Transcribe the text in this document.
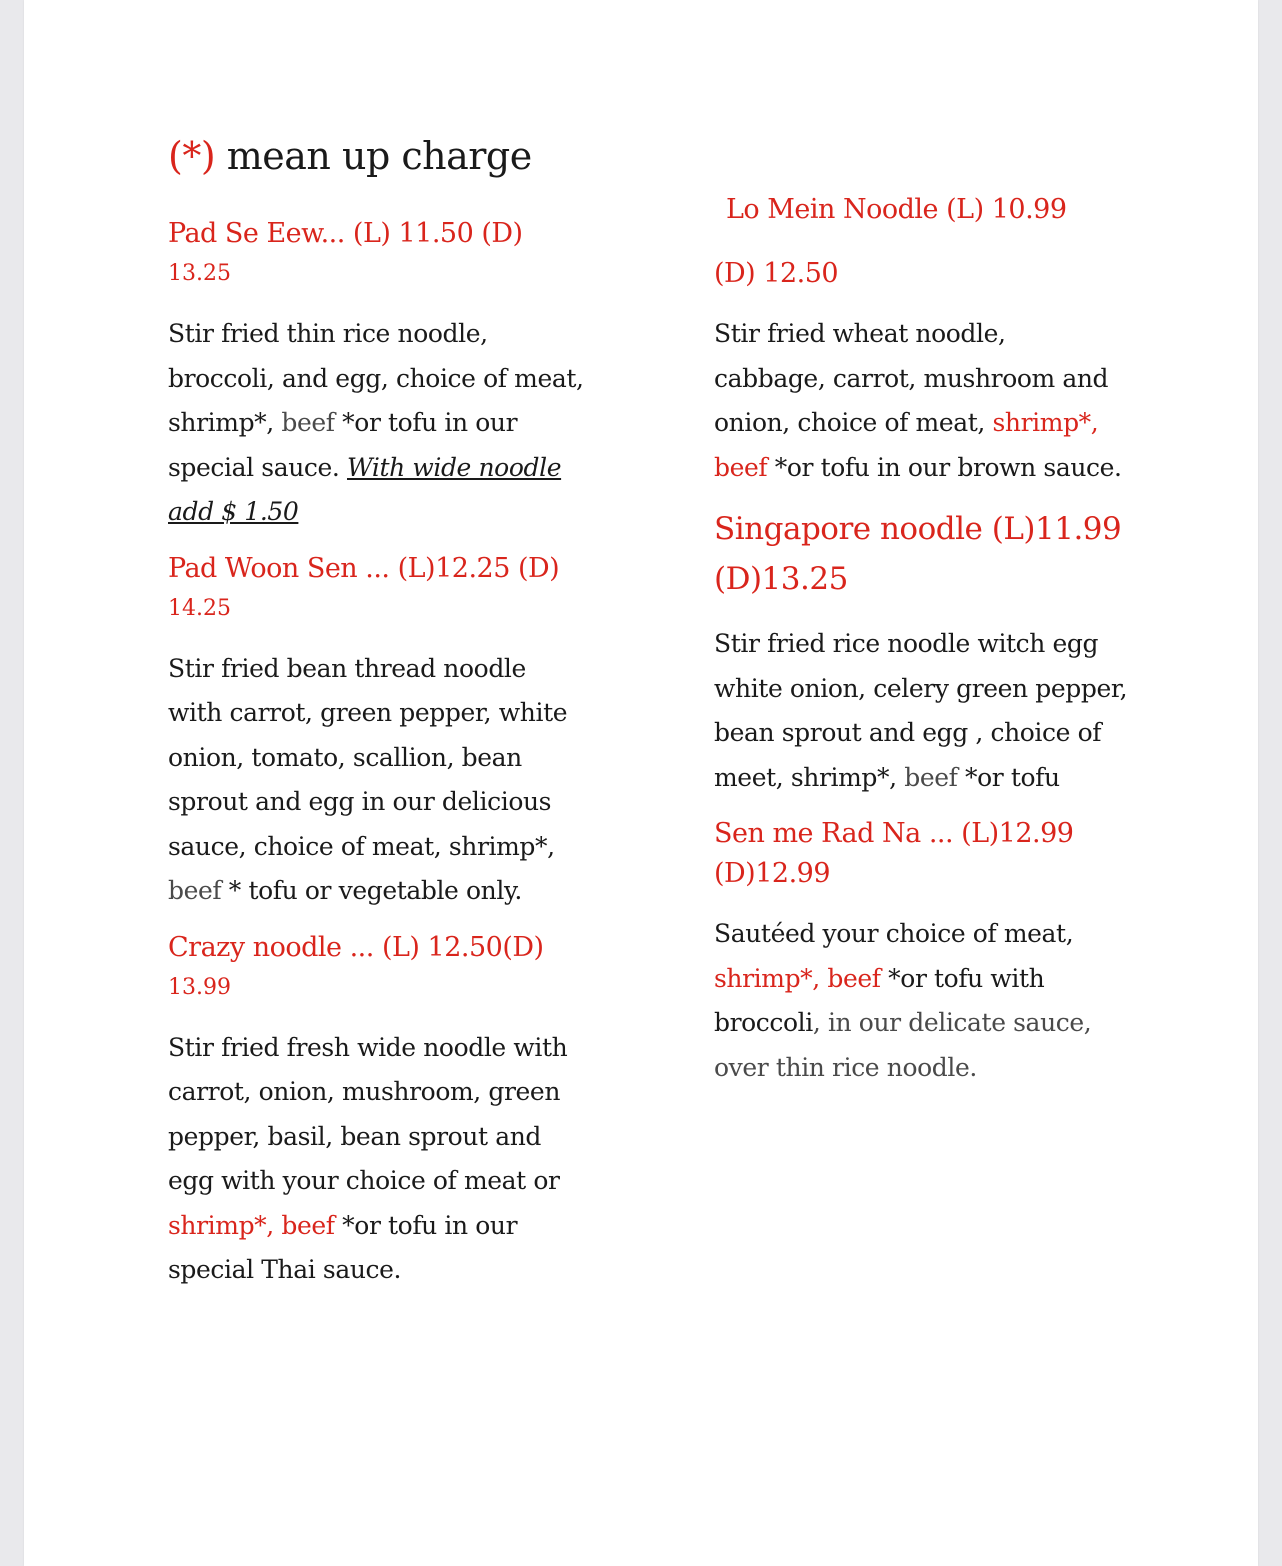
(*) mean up charge
Pad Se Eew... (L) 11.50 (D)
13.25
Stir fried thin rice noodle,
broccoli, and egg, choice of meat,
shrimp*, beef *or tofu in our
special sauce. With wide noodle
add $ 1.50
Pad Woon Sen ... (L)12.25 (D)
14.25
Stir fried bean thread noodle
with carrot, green pepper, white
onion, tomato, scallion, bean
sprout and egg in our delicious
sauce, choice of meat, shrimp*,
beef * tofu or vegetable only.
Crazy noodle ... (L) 12.50(D)
13.99
Stir fried fresh wide noodle with
carrot, onion, mushroom, green
pepper, basil, bean sprout and
egg with your choice of meat or
shrimp*, beef *or tofu in our
special Thai sauce.
Lo Mein Noodle (L) 10.99
(D) 12.50
Stir fried wheat noodle,
cabbage, carrot, mushroom and
onion, choice of meat, shrimp*,
beef *or tofu in our brown sauce.
Singapore noodle (L)11.99
(D)13.25
Stir fried rice noodle witch egg
white onion, celery green pepper,
bean sprout and egg , choice of
meet, shrimp*, beef *or tofu
Sen me Rad Na ... (L)12.99
(D)12.99
Sautéed your choice of meat,
shrimp*, beef *or tofu with
broccoli, in our delicate sauce,
over thin rice noodle.
